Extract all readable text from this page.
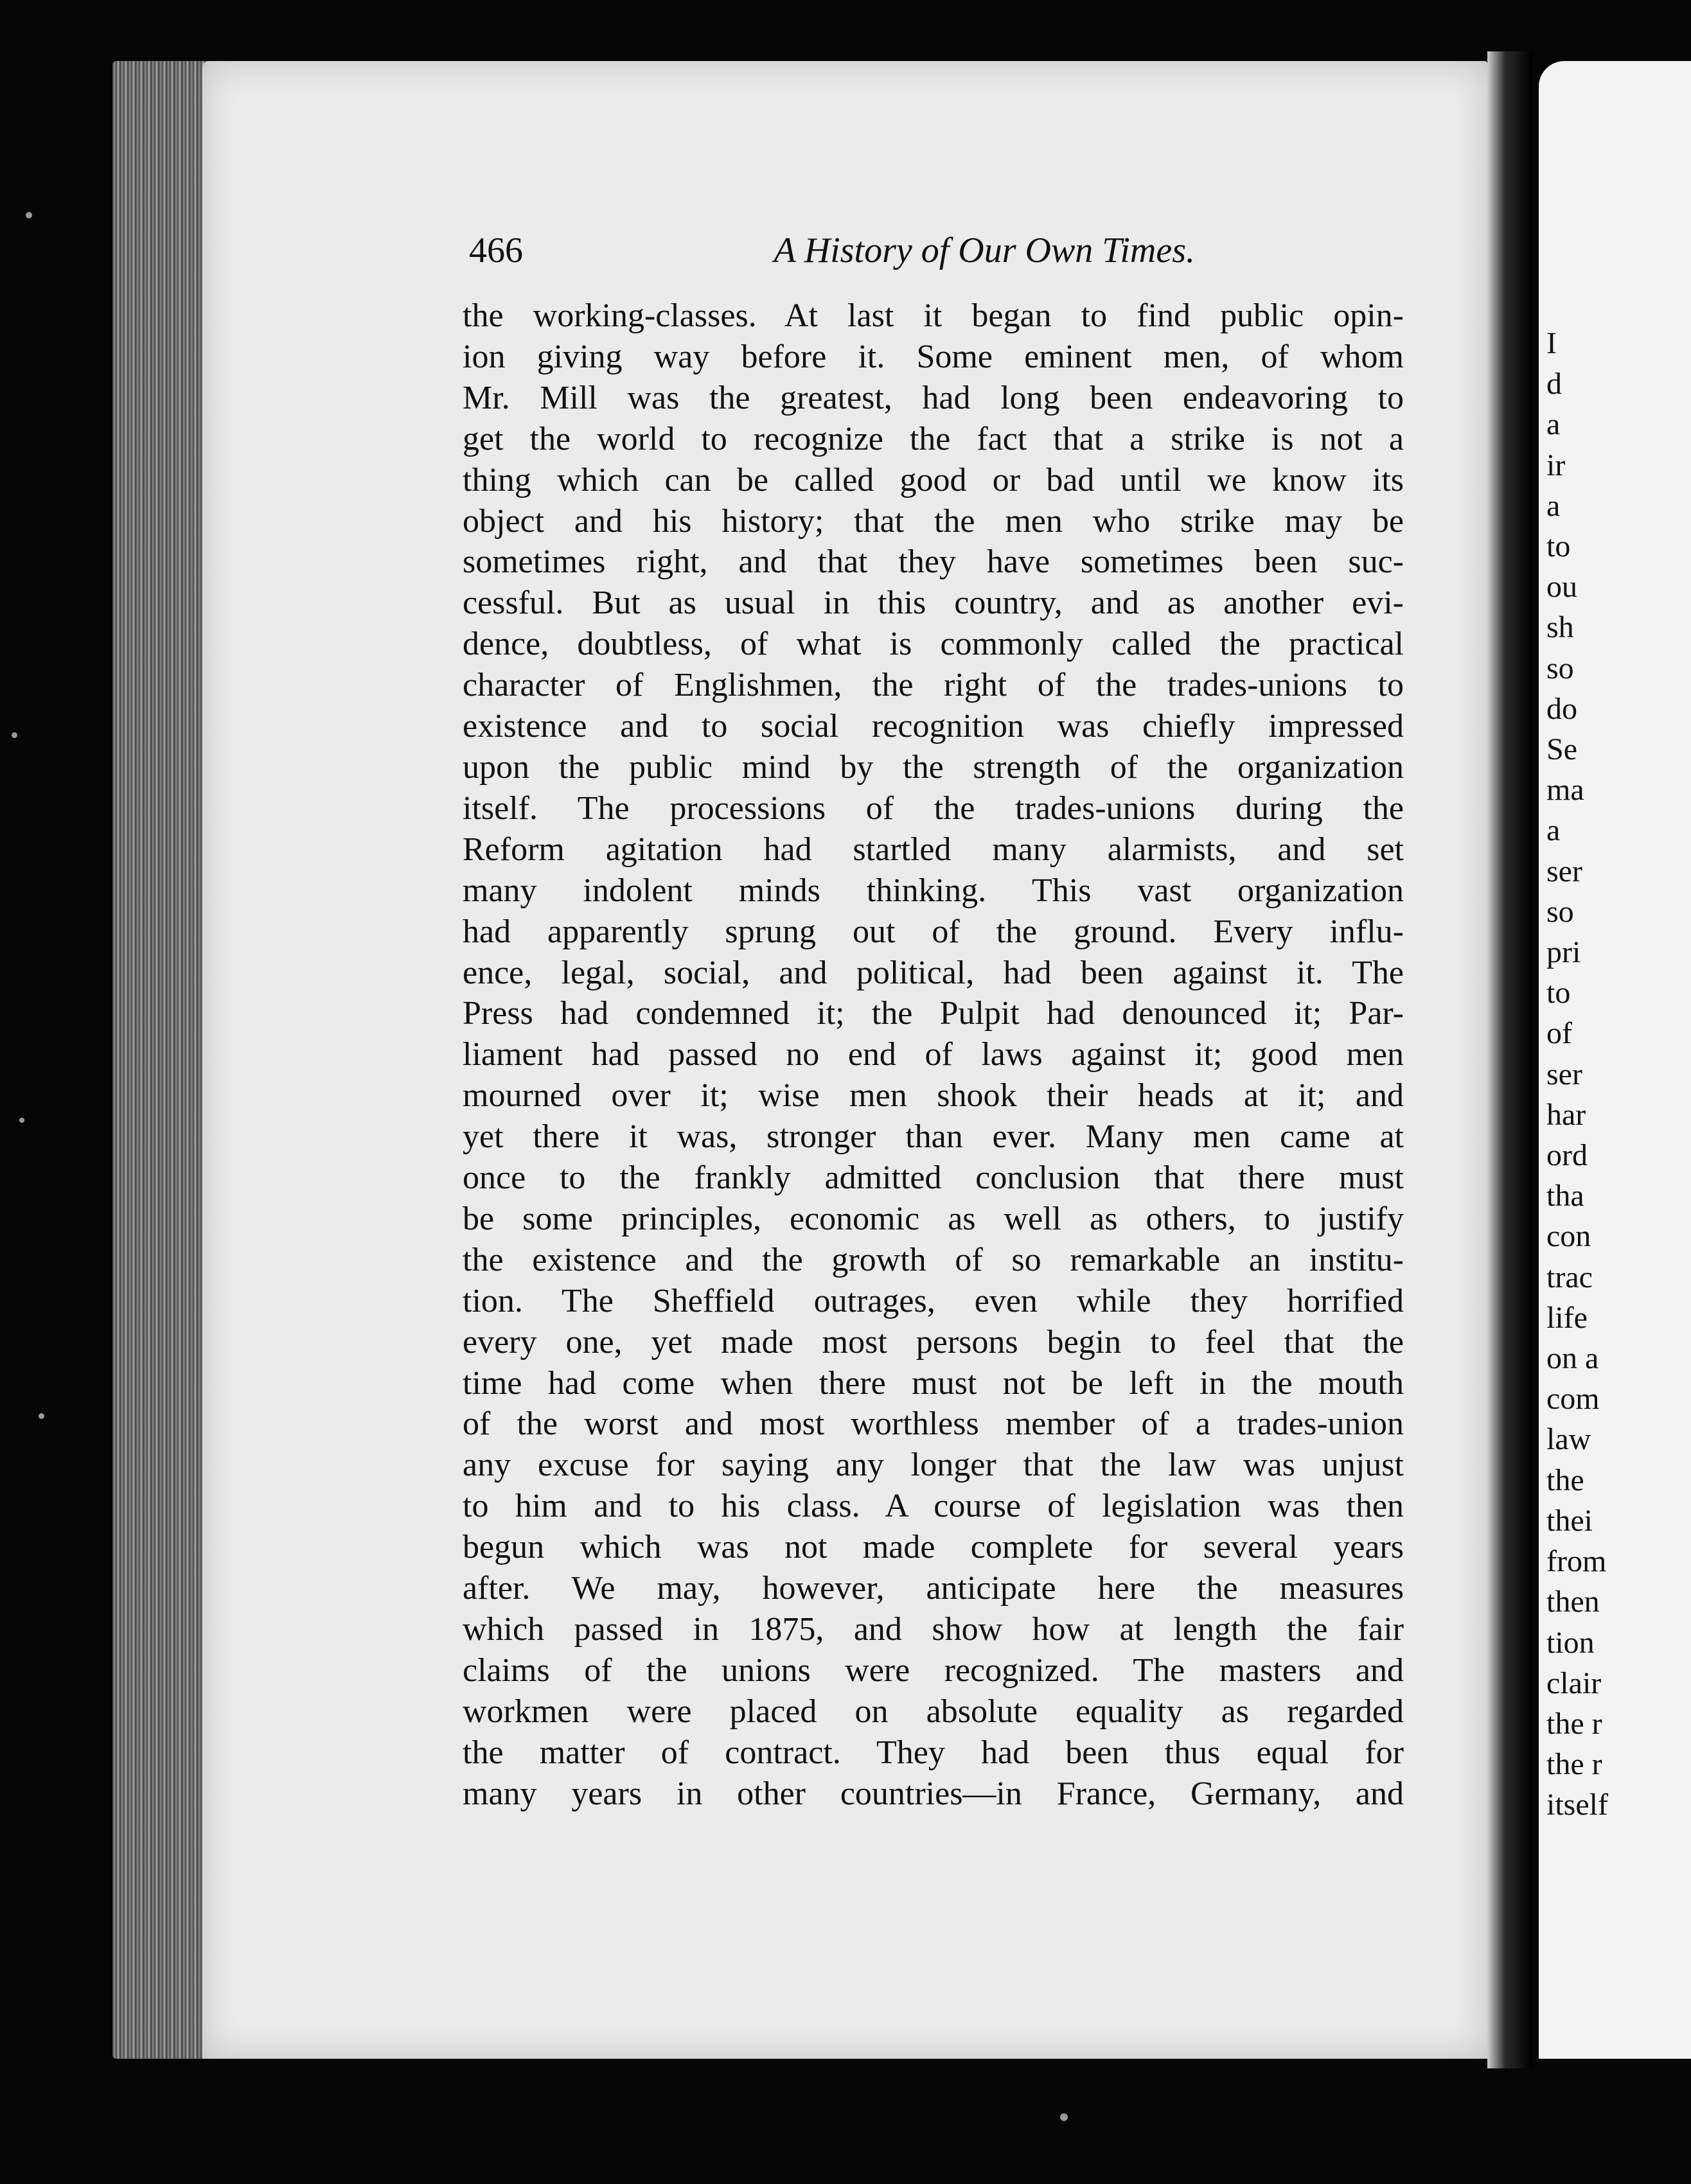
466	A History of Our Own Times.
the working-classes. At last it began to find public opin-
ion giving way before it. Some eminent men, of whom
Mr. Mill was the greatest, had long been endeavoring to
get the world to recognize the fact that a strike is not a
thing which can be called good or bad until we know its
object and his history; that the men who strike may be
sometimes right, and that they have sometimes been suc-
cessful. But as usual in this country, and as another evi-
dence, doubtless, of what is commonly called the practical
character of Englishmen, the right of the trades-unions to
existence and to social recognition was chiefly impressed
upon the public mind by the strength of the organization
itself. The processions of the trades-unions during the
Reform agitation had startled many alarmists, and set
many indolent minds thinking. This vast organization
had apparently sprung out of the ground. Every influ-
ence, legal, social, and political, had been against it. The
Press had condemned it; the Pulpit had denounced it; Par-
liament had passed no end of laws against it; good men
mourned over it; wise men shook their heads at it; and
yet there it was, stronger than ever. Many men came at
once to the frankly admitted conclusion that there must
be some principles, economic as well as others, to justify
the existence and the growth of so remarkable an institu-
tion. The Sheffield outrages, even while they horrified
every one, yet made most persons begin to feel that the
time had come when there must not be left in the mouth
of the worst and most worthless member of a trades-union
any excuse for saying any longer that the law was unjust
to him and to his class. A course of legislation was then
begun which was not made complete for several years
after. We may, however, anticipate here the measures
which passed in 1875, and show how at length the fair
claims of the unions were recognized. The masters and
workmen were placed on absolute equality as regarded
the matter of contract. They had been thus equal for
many years in other countries—in France, Germany, and
I
d
a
ir
a
to
ou
sh
so
do
Se
ma
a
ser
so
pri
to
of
ser
har
ord
tha
con
trac
life
on a
com
law
the
thei
from
then
tion
clair
the r
the r
itself
